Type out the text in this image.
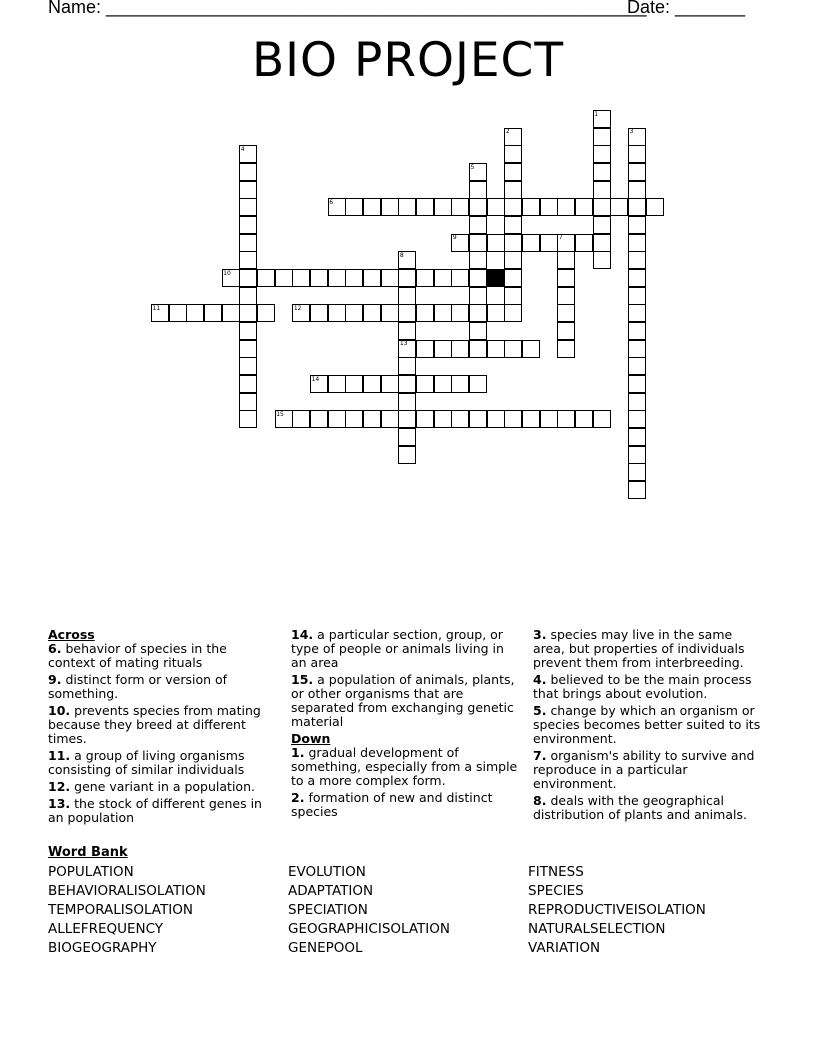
Name: ______________________________________________________
Date: _______
BIO PROJECT
6
9
10
11	12
13
14
15
1
2	3
4
5
7
8
Across
6. behavior of species in the context of mating rituals
9. distinct form or version of something.
10. prevents species from mating because they breed at different times.
11. a group of living organisms consisting of similar individuals
12. gene variant in a population.
13. the stock of different genes in an population
14. a particular section, group, or type of people or animals living in an area
15. a population of animals, plants, or other organisms that are separated from exchanging genetic material
Down
1. gradual development of something, especially from a simple to a more complex form.
2. formation of new and distinct species
3. species may live in the same area, but properties of individuals prevent them from interbreeding.
4. believed to be the main process that brings about evolution.
5. change by which an organism or species becomes better suited to its environment.
7. organism's ability to survive and reproduce in a particular environment.
8. deals with the geographical distribution of plants and animals.
Word Bank
POPULATION
BEHAVIORALISOLATION
TEMPORALISOLATION
ALLEFREQUENCY
BIOGEOGRAPHY
EVOLUTION
ADAPTATION
SPECIATION
GEOGRAPHICISOLATION
GENEPOOL
FITNESS
SPECIES
REPRODUCTIVEISOLATION
NATURALSELECTION
VARIATION
